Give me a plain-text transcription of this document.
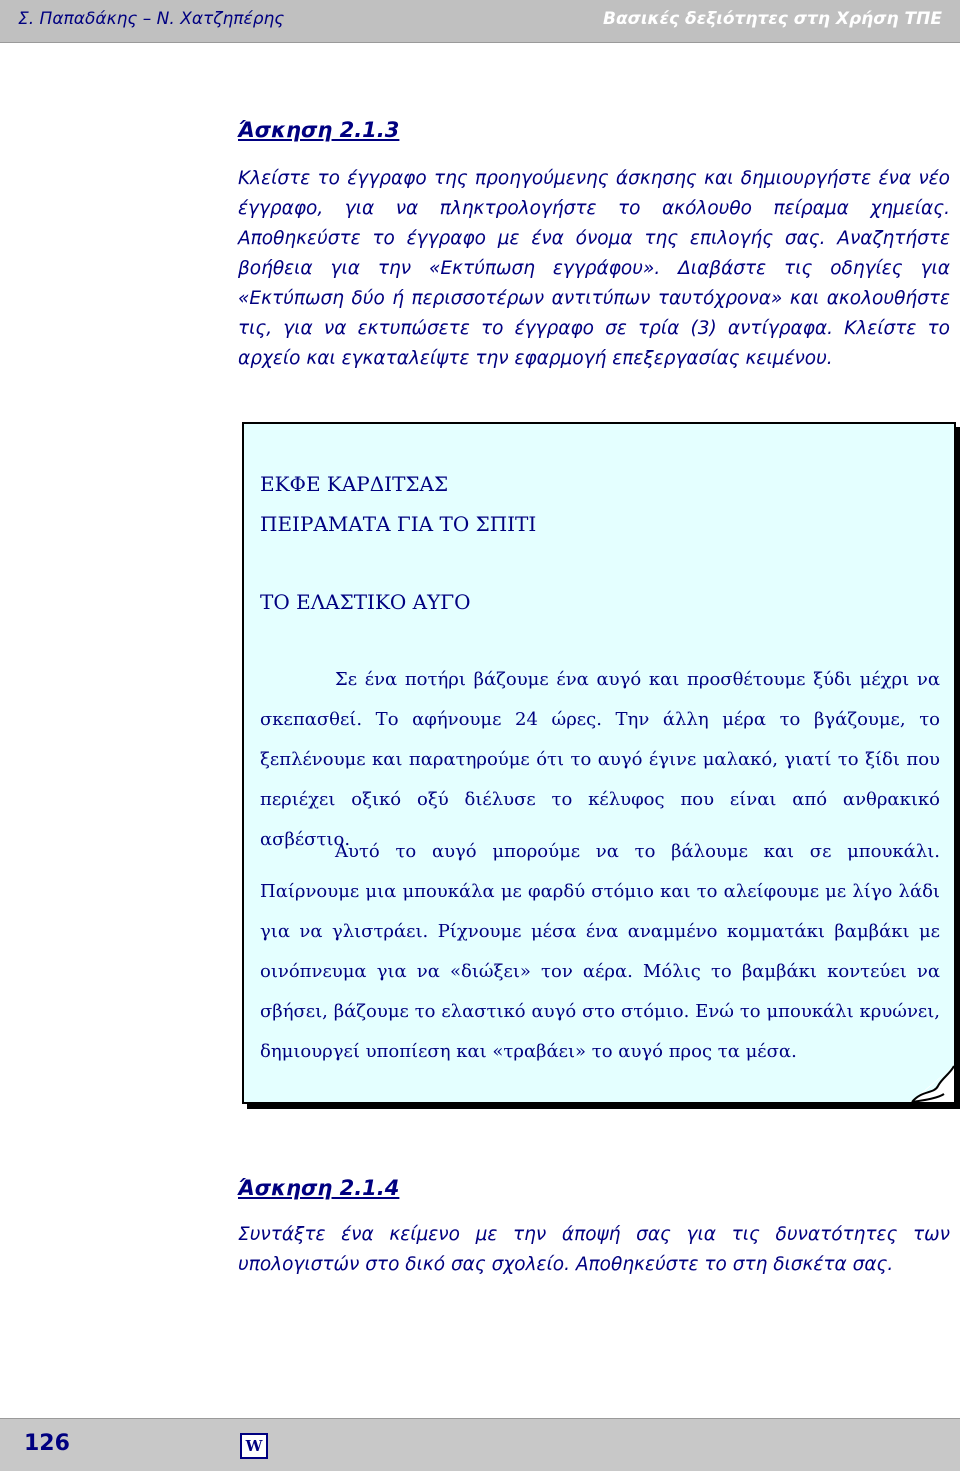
Σ. Παπαδάκης – Ν. Χατζηπέρης	Βασικές δεξιότητες στη Χρήση ΤΠΕ
Άσκηση 2.1.3

Κλείστε το έγγραφο της προηγούμενης άσκησης και δημιουργήστε ένα νέο έγγραφο, για να πληκτρολογήστε το ακόλουθο πείραμα χημείας. Αποθηκεύστε το έγγραφο με ένα όνομα της επιλογής σας. Αναζητήστε βοήθεια για την «Εκτύπωση εγγράφου». Διαβάστε τις οδηγίες για «Εκτύπωση δύο ή περισσοτέρων αντιτύπων ταυτόχρονα» και ακολουθήστε τις, για να εκτυπώσετε το έγγραφο σε τρία (3) αντίγραφα. Κλείστε το αρχείο και εγκαταλείψτε την εφαρμογή επεξεργασίας κειμένου.

ΕΚΦΕ ΚΑΡΔΙΤΣΑΣ
ΠΕΙΡΑΜΑΤΑ ΓΙΑ ΤΟ ΣΠΙΤΙ
ΤΟ ΕΛΑΣΤΙΚΟ ΑΥΓΟ

Σε ένα ποτήρι βάζουμε ένα αυγό και προσθέτουμε ξύδι μέχρι να σκεπασθεί. Το αφήνουμε 24 ώρες. Την άλλη μέρα το βγάζουμε, το ξεπλένουμε και παρατηρούμε ότι το αυγό έγινε μαλακό, γιατί το ξίδι που περιέχει οξικό οξύ διέλυσε το κέλυφος που είναι από ανθρακικό ασβέστιο.

Αυτό το αυγό μπορούμε να το βάλουμε και σε μπουκάλι. Παίρνουμε μια μπουκάλα με φαρδύ στόμιο και το αλείφουμε με λίγο λάδι για να γλιστράει. Ρίχνουμε μέσα ένα αναμμένο κομματάκι βαμβάκι με οινόπνευμα για να «διώξει» τον αέρα. Μόλις το βαμβάκι κοντεύει να σβήσει, βάζουμε το ελαστικό αυγό στο στόμιο. Ενώ το μπουκάλι κρυώνει, δημιουργεί υποπίεση και «τραβάει» το αυγό προς τα μέσα.

Άσκηση 2.1.4

Συντάξτε ένα κείμενο με την άποψή σας για τις δυνατότητες των υπολογιστών στο δικό σας σχολείο. Αποθηκεύστε το στη δισκέτα σας.

126	W
